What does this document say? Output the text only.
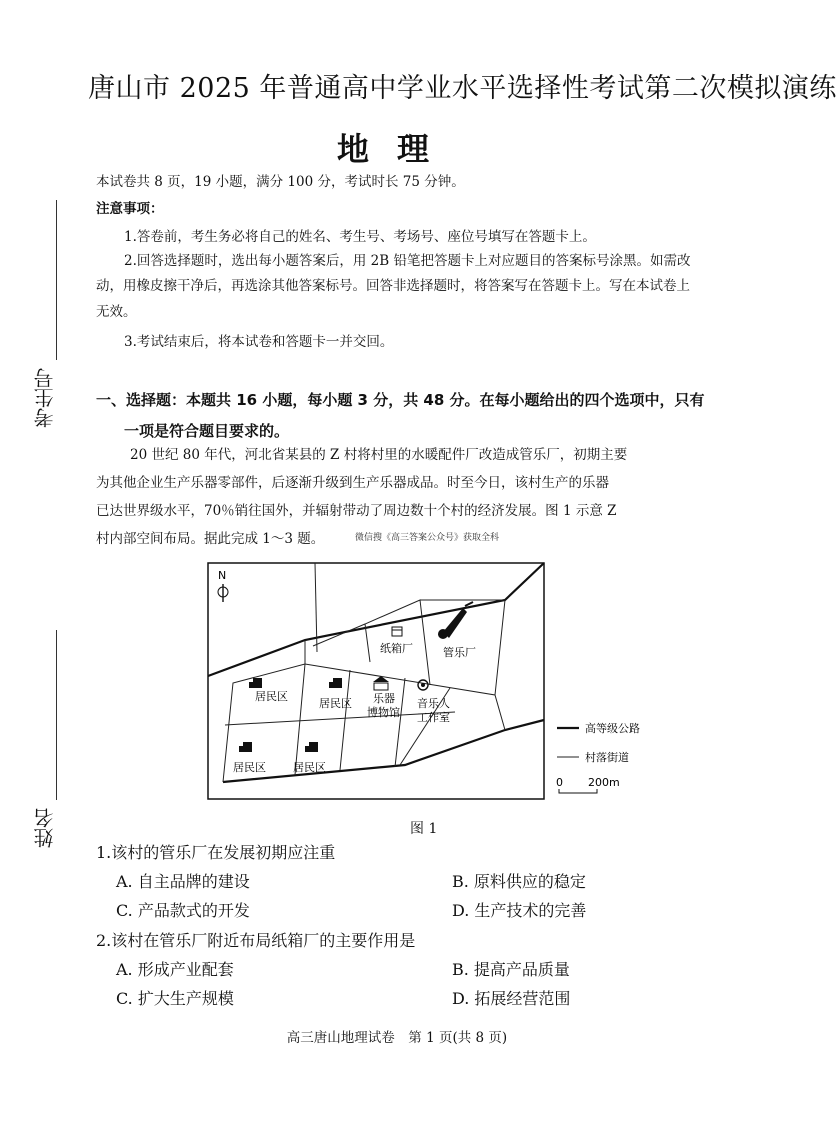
唐山市 2025 年普通高中学业水平选择性考试第二次模拟演练
地理
本试卷共 8 页，19 小题，满分 100 分，考试时长 75 分钟。
注意事项：
1.答卷前，考生务必将自己的姓名、考生号、考场号、座位号填写在答题卡上。
2.回答选择题时，选出每小题答案后，用 2B 铅笔把答题卡上对应题目的答案标号涂黑。如需改
动，用橡皮擦干净后，再选涂其他答案标号。回答非选择题时，将答案写在答题卡上。写在本试卷上
无效。
3.考试结束后，将本试卷和答题卡一并交回。
考生号
姓名
一、选择题：本题共 16 小题，每小题 3 分，共 48 分。在每小题给出的四个选项中，只有
一项是符合题目要求的。
20 世纪 80 年代，河北省某县的 Z 村将村里的水暖配件厂改造成管乐厂，初期主要
为其他企业生产乐器零部件，后逐渐升级到生产乐器成品。时至今日，该村生产的乐器
已达世界级水平，70％销往国外，并辐射带动了周边数十个村的经济发展。图 1 示意 Z
村内部空间布局。据此完成 1～3 题。	微信搜《高三答案公众号》获取全科
N
纸箱厂	管乐厂
居民区
居民区
居民区 居民区
乐器
博物馆
音乐人
工作室
高等级公路
村落街道
0 200m
图 1
1.该村的管乐厂在发展初期应注重
A. 自主品牌的建设	B. 原料供应的稳定
C. 产品款式的开发	D. 生产技术的完善
2.该村在管乐厂附近布局纸箱厂的主要作用是
A. 形成产业配套	B. 提高产品质量
C. 扩大生产规模	D. 拓展经营范围
高三唐山地理试卷　第 1 页(共 8 页)
